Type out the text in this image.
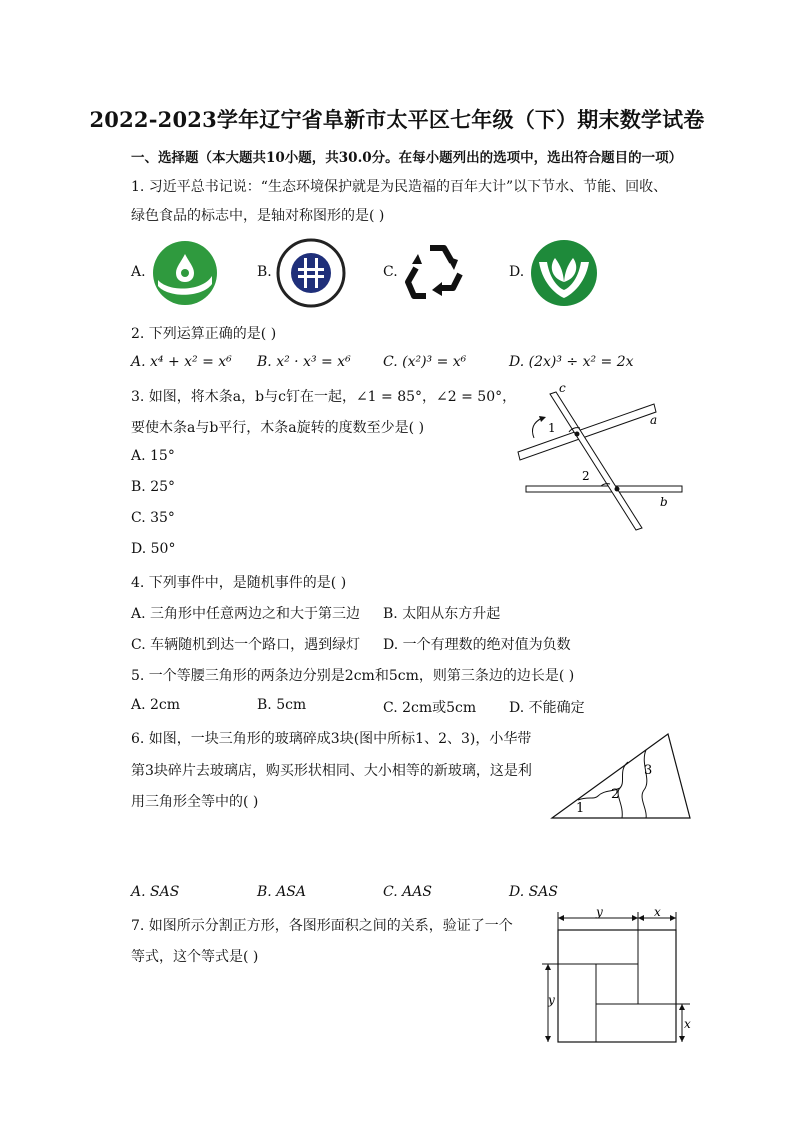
2022-2023学年辽宁省阜新市太平区七年级（下）期末数学试卷
一、选择题（本大题共10小题，共30.0分。在每小题列出的选项中，选出符合题目的一项）
1. 习近平总书记说：“生态环境保护就是为民造福的百年大计”以下节水、节能、回收、
绿色食品的标志中，是轴对称图形的是( )
A.	B.	C.	D.
2. 下列运算正确的是( )
A. x⁴ + x² = x⁶ B. x² · x³ = x⁶ C. (x²)³ = x⁶	D. (2x)³ ÷ x² = 2x
3. 如图，将木条a，b与c钉在一起，∠1 = 85°，∠2 = 50°，
要使木条a与b平行，木条a旋转的度数至少是( )
A. 15°
B. 25°
C. 35°
D. 50°
c
a
b
1
2
4. 下列事件中，是随机事件的是( )
A. 三角形中任意两边之和大于第三边 B. 太阳从东方升起
C. 车辆随机到达一个路口，遇到绿灯 D. 一个有理数的绝对值为负数
5. 一个等腰三角形的两条边分别是2cm和5cm，则第三条边的边长是( )
A. 2cm	B. 5cm	C. 2cm或5cm D. 不能确定
6. 如图，一块三角形的玻璃碎成3块(图中所标1、2、3)，小华带
第3块碎片去玻璃店，购买形状相同、大小相等的新玻璃，这是利
用三角形全等中的( )	1
2
3
A. SAS	B. ASA	C. AAS	D. SAS
7. 如图所示分割正方形，各图形面积之间的关系，验证了一个
等式，这个等式是( )
y	x
y
x
